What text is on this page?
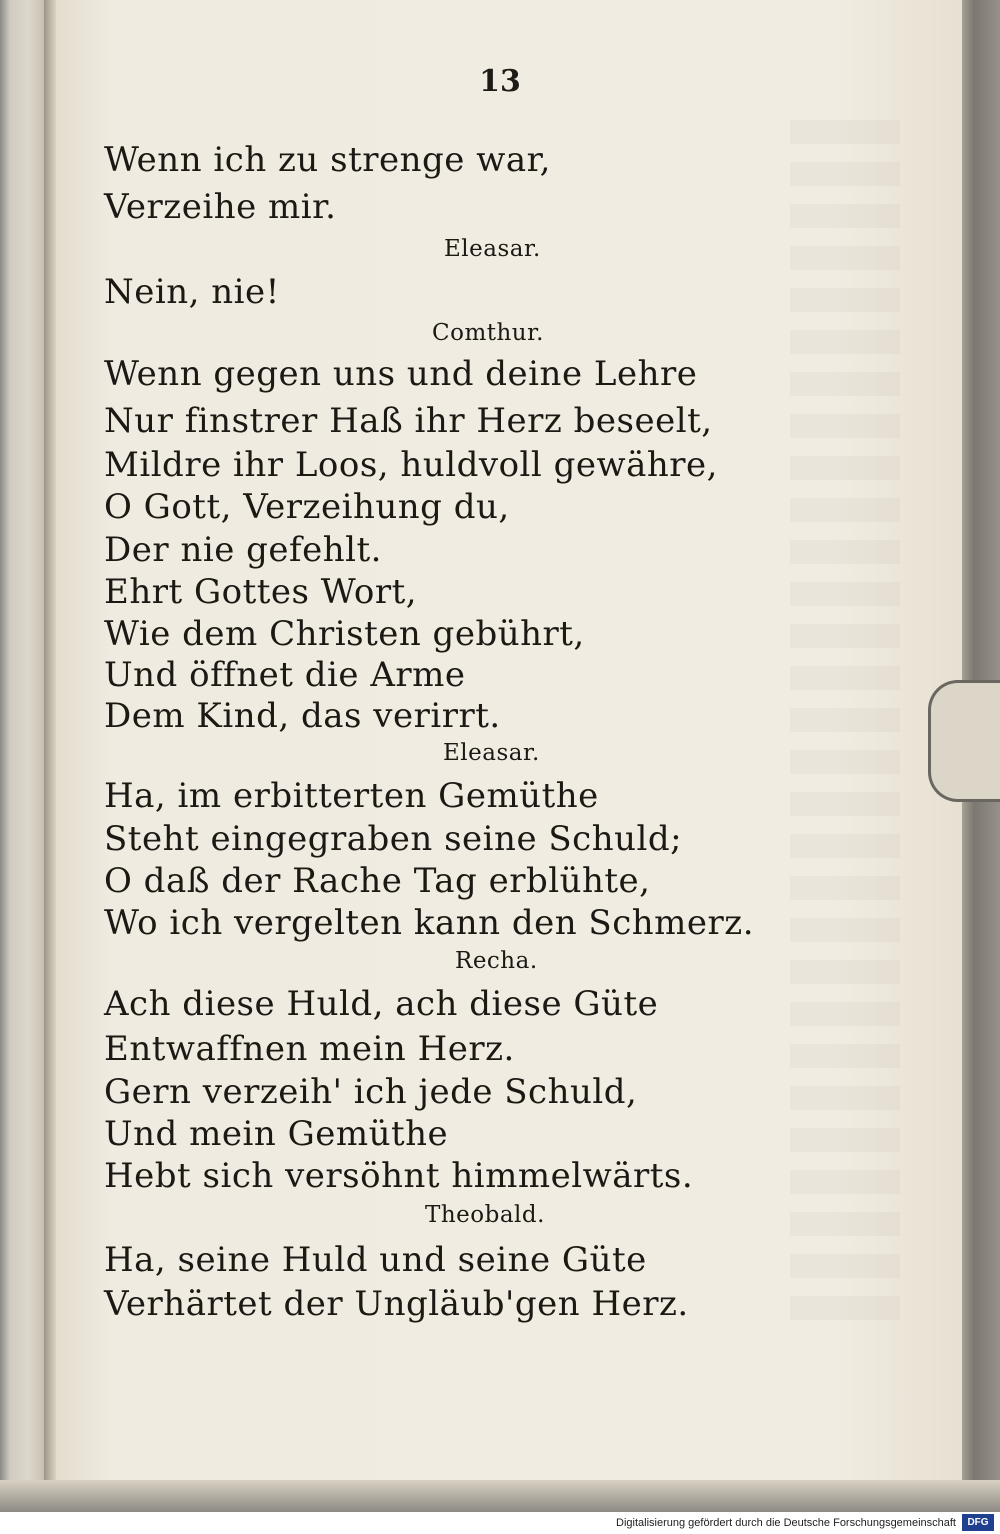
13
Wenn ich zu strenge war,
Verzeihe mir.
Eleasar.
Nein, nie!
Comthur.
Wenn gegen uns und deine Lehre
Nur finstrer Haß ihr Herz beseelt,
Mildre ihr Loos, huldvoll gewähre,
O Gott, Verzeihung du,
Der nie gefehlt.
Ehrt Gottes Wort,
Wie dem Christen gebührt,
Und öffnet die Arme
Dem Kind, das verirrt.
Eleasar.
Ha, im erbitterten Gemüthe
Steht eingegraben seine Schuld;
O daß der Rache Tag erblühte,
Wo ich vergelten kann den Schmerz.
Recha.
Ach diese Huld, ach diese Güte
Entwaffnen mein Herz.
Gern verzeih' ich jede Schuld,
Und mein Gemüthe
Hebt sich versöhnt himmelwärts.
Theobald.
Ha, seine Huld und seine Güte
Verhärtet der Ungläub'gen Herz.
Digitalisierung gefördert durch die Deutsche Forschungsgemeinschaft	DFG
